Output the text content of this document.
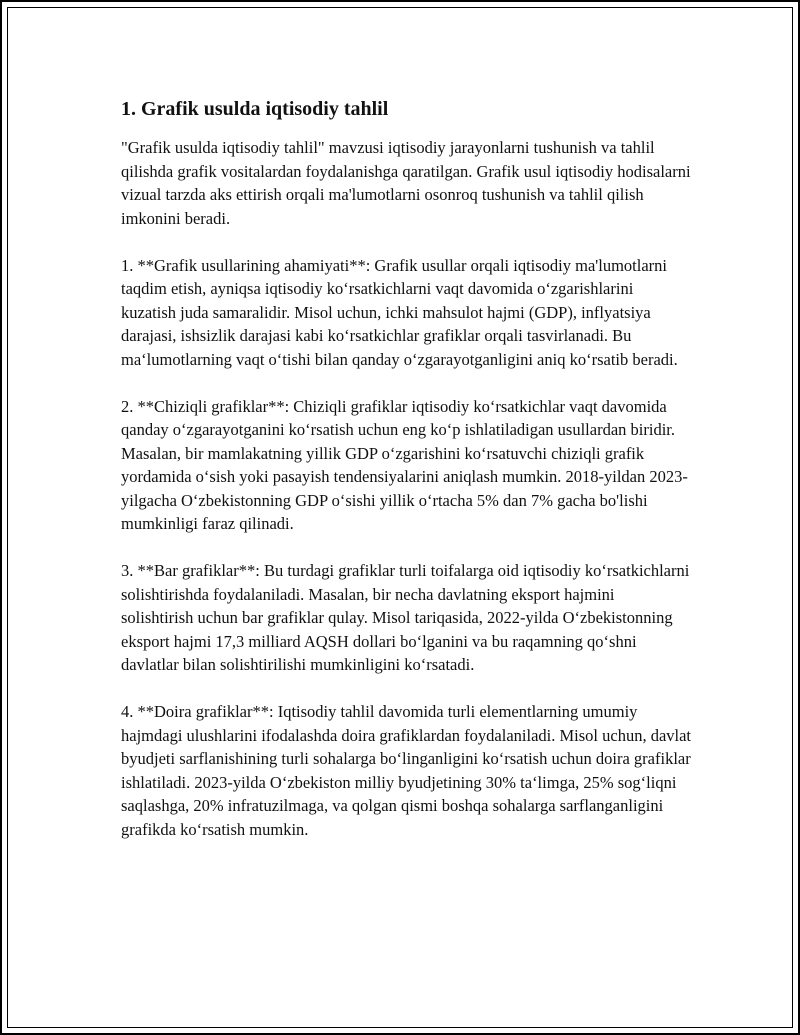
1. Grafik usulda iqtisodiy tahlil

"Grafik usulda iqtisodiy tahlil" mavzusi iqtisodiy jarayonlarni tushunish va tahlil qilishda grafik vositalardan foydalanishga qaratilgan. Grafik usul iqtisodiy hodisalarni vizual tarzda aks ettirish orqali ma'lumotlarni osonroq tushunish va tahlil qilish imkonini beradi.

1. **Grafik usullarining ahamiyati**: Grafik usullar orqali iqtisodiy ma'lumotlarni taqdim etish, ayniqsa iqtisodiy ko‘rsatkichlarni vaqt davomida o‘zgarishlarini kuzatish juda samaralidir. Misol uchun, ichki mahsulot hajmi (GDP), inflyatsiya darajasi, ishsizlik darajasi kabi ko‘rsatkichlar grafiklar orqali tasvirlanadi. Bu ma‘lumotlarning vaqt o‘tishi bilan qanday o‘zgarayotganligini aniq ko‘rsatib beradi.

2. **Chiziqli grafiklar**: Chiziqli grafiklar iqtisodiy ko‘rsatkichlar vaqt davomida qanday o‘zgarayotganini ko‘rsatish uchun eng ko‘p ishlatiladigan usullardan biridir. Masalan, bir mamlakatning yillik GDP o‘zgarishini ko‘rsatuvchi chiziqli grafik yordamida o‘sish yoki pasayish tendensiyalarini aniqlash mumkin. 2018-yildan 2023-yilgacha O‘zbekistonning GDP o‘sishi yillik o‘rtacha 5% dan 7% gacha bo'lishi mumkinligi faraz qilinadi.

3. **Bar grafiklar**: Bu turdagi grafiklar turli toifalarga oid iqtisodiy ko‘rsatkichlarni solishtirishda foydalaniladi. Masalan, bir necha davlatning eksport hajmini solishtirish uchun bar grafiklar qulay. Misol tariqasida, 2022-yilda O‘zbekistonning eksport hajmi 17,3 milliard AQSH dollari bo‘lganini va bu raqamning qo‘shni davlatlar bilan solishtirilishi mumkinligini ko‘rsatadi.

4. **Doira grafiklar**: Iqtisodiy tahlil davomida turli elementlarning umumiy hajmdagi ulushlarini ifodalashda doira grafiklardan foydalaniladi. Misol uchun, davlat byudjeti sarflanishining turli sohalarga bo‘linganligini ko‘rsatish uchun doira grafiklar ishlatiladi. 2023-yilda O‘zbekiston milliy byudjetining 30% ta‘limga, 25% sog‘liqni saqlashga, 20% infratuzilmaga, va qolgan qismi boshqa sohalarga sarflanganligini grafikda ko‘rsatish mumkin.
